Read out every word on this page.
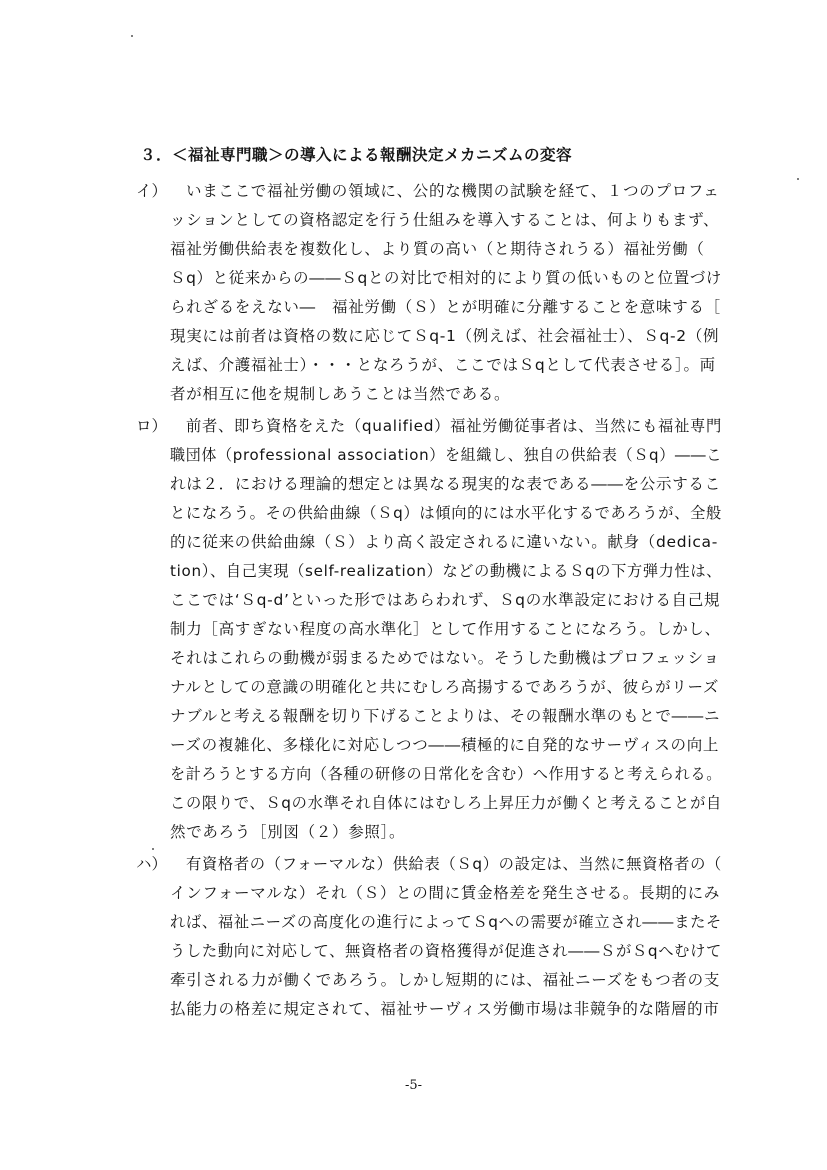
３．＜福祉専門職＞の導入による報酬決定メカニズムの変容
イ） いまここで福祉労働の領域に、公的な機関の試験を経て、１つのプロフェ
ッションとしての資格認定を行う仕組みを導入することは、何よりもまず、
福祉労働供給表を複数化し、より質の高い（と期待されうる）福祉労働（
Ｓq）と従来からの――Ｓqとの対比で相対的により質の低いものと位置づけ
られざるをえない―　福祉労働（Ｓ）とが明確に分離することを意味する［
現実には前者は資格の数に応じてＳq-1（例えば、社会福祉士）、Ｓq-2（例
えば、介護福祉士）・・・となろうが、ここではＳqとして代表させる］。両
者が相互に他を規制しあうことは当然である。
ロ） 前者、即ち資格をえた（qualified）福祉労働従事者は、当然にも福祉専門
職団体（professional association）を組織し、独自の供給表（Ｓq）――こ
れは２．における理論的想定とは異なる現実的な表である――を公示するこ
とになろう。その供給曲線（Ｓq）は傾向的には水平化するであろうが、全般
的に従来の供給曲線（Ｓ）より高く設定されるに違いない。献身（dedica-
tion）、自己実現（self-realization）などの動機によるＳqの下方弾力性は、
ここでは‘Ｓq-d’といった形ではあらわれず、Ｓqの水準設定における自己規
制力［高すぎない程度の高水準化］として作用することになろう。しかし、
それはこれらの動機が弱まるためではない。そうした動機はプロフェッショ
ナルとしての意識の明確化と共にむしろ高揚するであろうが、彼らがリーズ
ナブルと考える報酬を切り下げることよりは、その報酬水準のもとで――ニ
ーズの複雑化、多様化に対応しつつ――積極的に自発的なサーヴィスの向上
を計ろうとする方向（各種の研修の日常化を含む）へ作用すると考えられる。
この限りで、Ｓqの水準それ自体にはむしろ上昇圧力が働くと考えることが自
然であろう［別図（２）参照］。
ハ） 有資格者の（フォーマルな）供給表（Ｓq）の設定は、当然に無資格者の（
インフォーマルな）それ（Ｓ）との間に賃金格差を発生させる。長期的にみ
れば、福祉ニーズの高度化の進行によってＳqへの需要が確立され――またそ
うした動向に対応して、無資格者の資格獲得が促進され――ＳがＳqへむけて
牽引される力が働くであろう。しかし短期的には、福祉ニーズをもつ者の支
払能力の格差に規定されて、福祉サーヴィス労働市場は非競争的な階層的市
-5-
